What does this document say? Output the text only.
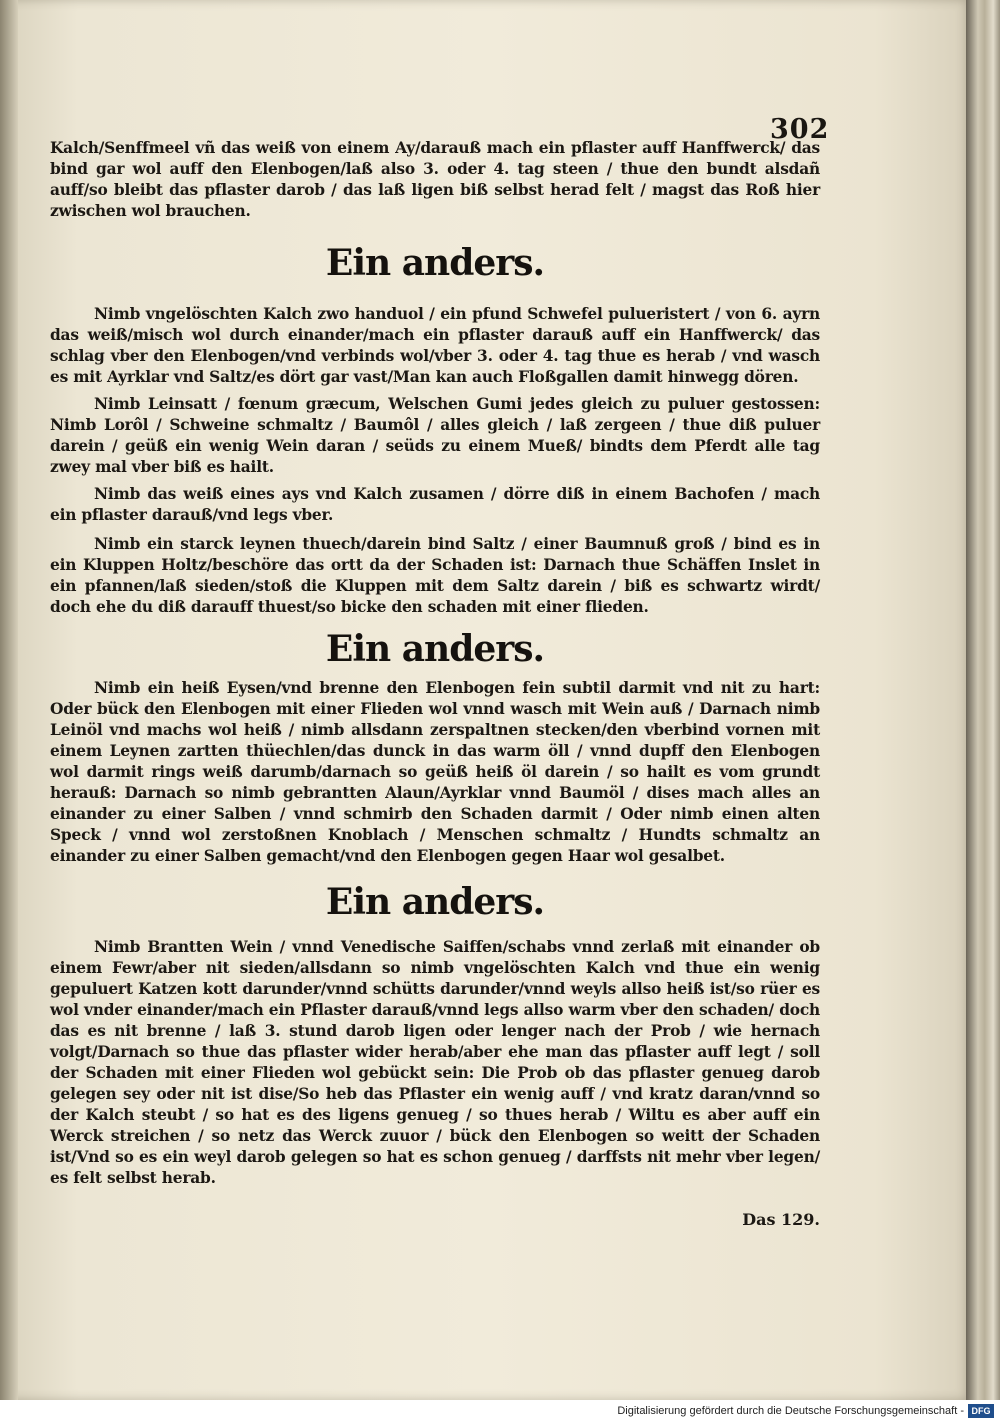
302

Kalch/Senffmeel vñ das weiß von einem Ay/darauß mach ein pflaster auff Hanffwerck/ das bind gar wol auff den Elenbogen/laß also 3. oder 4. tag steen / thue den bundt alsdañ auff/so bleibt das pflaster darob / das laß ligen biß selbst herad felt / magst das Roß hier zwischen wol brauchen.

Ein anders.

Nimb vngelöschten Kalch zwo handuol / ein pfund Schwefel pulueristert / von 6. ayrn das weiß/misch wol durch einander/mach ein pflaster darauß auff ein Hanffwerck/ das schlag vber den Elenbogen/vnd verbinds wol/vber 3. oder 4. tag thue es herab / vnd wasch es mit Ayrklar vnd Saltz/es dört gar vast/Man kan auch Floßgallen damit hinwegg dören.

Nimb Leinsatt / fœnum græcum, Welschen Gumi jedes gleich zu puluer gestossen: Nimb Lorôl / Schweine schmaltz / Baumôl / alles gleich / laß zergeen / thue diß puluer darein / geüß ein wenig Wein daran / seüds zu einem Mueß/ bindts dem Pferdt alle tag zwey mal vber biß es hailt.

Nimb das weiß eines ays vnd Kalch zusamen / dörre diß in einem Bachofen / mach ein pflaster darauß/vnd legs vber.

Nimb ein starck leynen thuech/darein bind Saltz / einer Baumnuß groß / bind es in ein Kluppen Holtz/beschöre das ortt da der Schaden ist: Darnach thue Schäffen Inslet in ein pfannen/laß sieden/stoß die Kluppen mit dem Saltz darein / biß es schwartz wirdt/ doch ehe du diß darauff thuest/so bicke den schaden mit einer flieden.

Ein anders.

Nimb ein heiß Eysen/vnd brenne den Elenbogen fein subtil darmit vnd nit zu hart: Oder bück den Elenbogen mit einer Flieden wol vnnd wasch mit Wein auß / Darnach nimb Leinöl vnd machs wol heiß / nimb allsdann zerspaltnen stecken/den vberbind vornen mit einem Leynen zartten thüechlen/das dunck in das warm öll / vnnd dupff den Elenbogen wol darmit rings weiß darumb/darnach so geüß heiß öl darein / so hailt es vom grundt herauß: Darnach so nimb gebrantten Alaun/Ayrklar vnnd Baumöl / dises mach alles an einander zu einer Salben / vnnd schmirb den Schaden darmit / Oder nimb einen alten Speck / vnnd wol zerstoßnen Knoblach / Menschen schmaltz / Hundts schmaltz an einander zu einer Salben gemacht/vnd den Elenbogen gegen Haar wol gesalbet.

Ein anders.

Nimb Brantten Wein / vnnd Venedische Saiffen/schabs vnnd zerlaß mit einander ob einem Fewr/aber nit sieden/allsdann so nimb vngelöschten Kalch vnd thue ein wenig gepuluert Katzen kott darunder/vnnd schütts darunder/vnnd weyls allso heiß ist/so rüer es wol vnder einander/mach ein Pflaster darauß/vnnd legs allso warm vber den schaden/ doch das es nit brenne / laß 3. stund darob ligen oder lenger nach der Prob / wie hernach volgt/Darnach so thue das pflaster wider herab/aber ehe man das pflaster auff legt / soll der Schaden mit einer Flieden wol gebückt sein: Die Prob ob das pflaster genueg darob gelegen sey oder nit ist dise/So heb das Pflaster ein wenig auff / vnd kratz daran/vnnd so der Kalch steubt / so hat es des ligens genueg / so thues herab / Wiltu es aber auff ein Werck streichen / so netz das Werck zuuor / bück den Elenbogen so weitt der Schaden ist/Vnd so es ein weyl darob gelegen so hat es schon genueg / darffsts nit mehr vber legen/ es felt selbst herab.

Das 129.
Digitalisierung gefördert durch die Deutsche Forschungsgemeinschaft - DFG
